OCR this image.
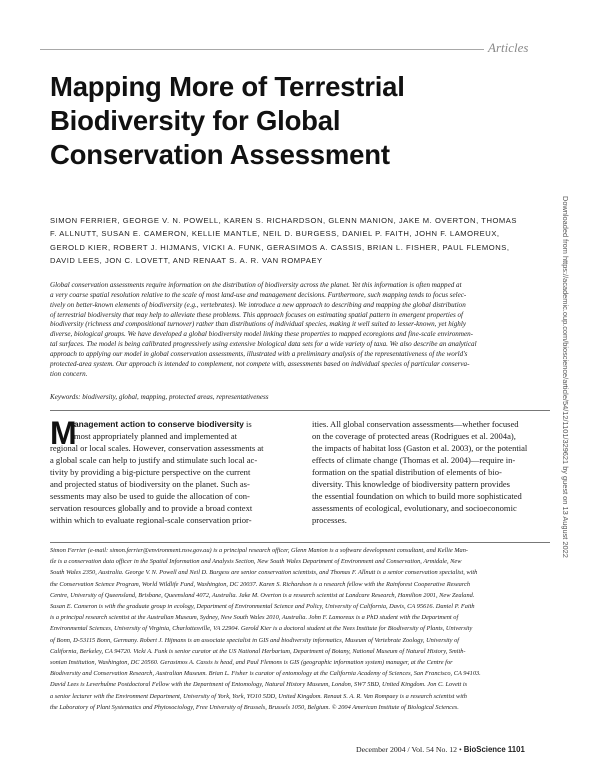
Articles
Mapping More of Terrestrial
Biodiversity for Global
Conservation Assessment
SIMON FERRIER, GEORGE V. N. POWELL, KAREN S. RICHARDSON, GLENN MANION, JAKE M. OVERTON, THOMAS
F. ALLNUTT, SUSAN E. CAMERON, KELLIE MANTLE, NEIL D. BURGESS, DANIEL P. FAITH, JOHN F. LAMOREUX,
GEROLD KIER, ROBERT J. HIJMANS, VICKI A. FUNK, GERASIMOS A. CASSIS, BRIAN L. FISHER, PAUL FLEMONS,
DAVID LEES, JON C. LOVETT, AND RENAAT S. A. R. VAN ROMPAEY
Global conservation assessments require information on the distribution of biodiversity across the planet. Yet this information is often mapped at
a very coarse spatial resolution relative to the scale of most land-use and management decisions. Furthermore, such mapping tends to focus selec-
tively on better-known elements of biodiversity (e.g., vertebrates). We introduce a new approach to describing and mapping the global distribution
of terrestrial biodiversity that may help to alleviate these problems. This approach focuses on estimating spatial pattern in emergent properties of
biodiversity (richness and compositional turnover) rather than distributions of individual species, making it well suited to lesser-known, yet highly
diverse, biological groups. We have developed a global biodiversity model linking these properties to mapped ecoregions and fine-scale environmen-
tal surfaces. The model is being calibrated progressively using extensive biological data sets for a wide variety of taxa. We also describe an analytical
approach to applying our model in global conservation assessments, illustrated with a preliminary analysis of the representativeness of the world's
protected-area system. Our approach is intended to complement, not compete with, assessments based on individual species of particular conserva-
tion concern.
Keywords: biodiversity, global, mapping, protected areas, representativeness
M
anagement action to conserve biodiversity is
most appropriately planned and implemented at
regional or local scales. However, conservation assessments at
a global scale can help to justify and stimulate such local ac-
tivity by providing a big-picture perspective on the current
and projected status of biodiversity on the planet. Such as-
sessments may also be used to guide the allocation of con-
servation resources globally and to provide a broad context
within which to evaluate regional-scale conservation prior-
ities. All global conservation assessments—whether focused
on the coverage of protected areas (Rodrigues et al. 2004a),
the impacts of habitat loss (Gaston et al. 2003), or the potential
effects of climate change (Thomas et al. 2004)—require in-
formation on the spatial distribution of elements of bio-
diversity. This knowledge of biodiversity pattern provides
the essential foundation on which to build more sophisticated
assessments of ecological, evolutionary, and socioeconomic
processes.
Simon Ferrier (e-mail: simon.ferrier@environment.nsw.gov.au) is a principal research officer, Glenn Manion is a software development consultant, and Kellie Man-
tle is a conservation data officer in the Spatial Information and Analysis Section, New South Wales Department of Environment and Conservation, Armidale, New
South Wales 2350, Australia. George V. N. Powell and Neil D. Burgess are senior conservation scientists, and Thomas F. Allnutt is a senior conservation specialist, with
the Conservation Science Program, World Wildlife Fund, Washington, DC 20037. Karen S. Richardson is a research fellow with the Rainforest Cooperative Research
Centre, University of Queensland, Brisbane, Queensland 4072, Australia. Jake M. Overton is a research scientist at Landcare Research, Hamilton 2001, New Zealand.
Susan E. Cameron is with the graduate group in ecology, Department of Environmental Science and Policy, University of California, Davis, CA 95616. Daniel P. Faith
is a principal research scientist at the Australian Museum, Sydney, New South Wales 2010, Australia. John F. Lamoreux is a PhD student with the Department of
Environmental Sciences, University of Virginia, Charlottesville, VA 22904. Gerold Kier is a doctoral student at the Nees Institute for Biodiversity of Plants, University
of Bonn, D-53115 Bonn, Germany. Robert J. Hijmans is an associate specialist in GIS and biodiversity informatics, Museum of Vertebrate Zoology, University of
California, Berkeley, CA 94720. Vicki A. Funk is senior curator at the US National Herbarium, Department of Botany, National Museum of Natural History, Smith-
sonian Institution, Washington, DC 20560. Gerasimos A. Cassis is head, and Paul Flemons is GIS (geographic information system) manager, at the Centre for
Biodiversity and Conservation Research, Australian Museum. Brian L. Fisher is curator of entomology at the California Academy of Sciences, San Francisco, CA 94103.
David Lees is Leverhulme Postdoctoral Fellow with the Department of Entomology, Natural History Museum, London, SW7 5BD, United Kingdom. Jon C. Lovett is
a senior lecturer with the Environment Department, University of York, York, YO10 5DD, United Kingdom. Renaat S. A. R. Van Rompaey is a research scientist with
the Laboratory of Plant Systematics and Phytosociology, Free University of Brussels, Brussels 1050, Belgium. © 2004 American Institute of Biological Sciences.
December 2004 / Vol. 54 No. 12 • BioScience 1101
Downloaded from https://academic.oup.com/bioscience/article/54/12/1101/329621 by guest on 13 August 2022
